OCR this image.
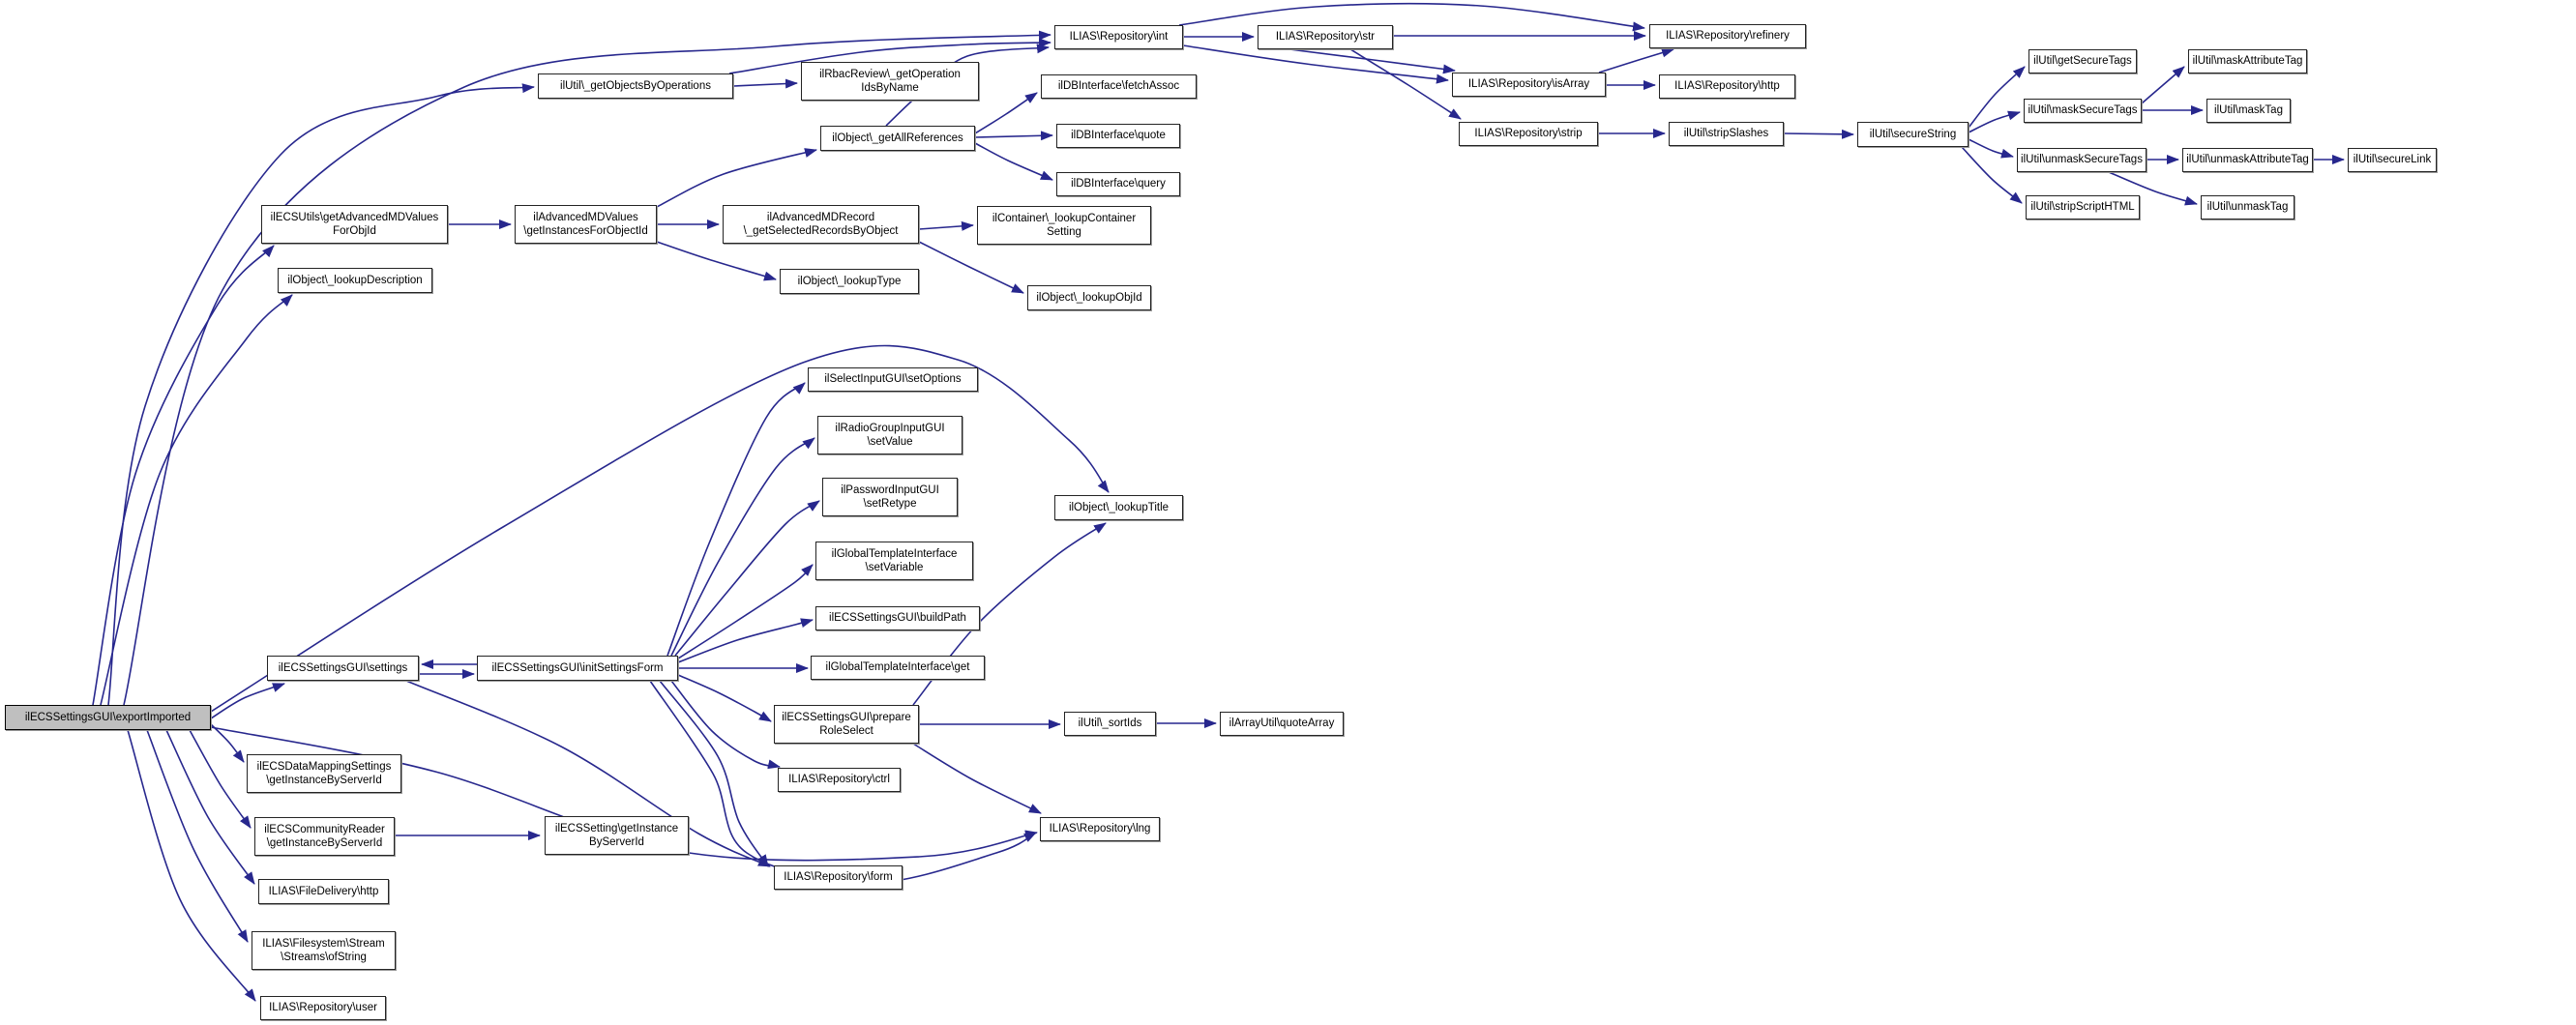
ilECSSettingsGUI\exportImported
ilECSSettingsGUI\settings	ilECSSettingsGUI\initSettingsForm
ilUtil\_getObjectsByOperations
ilECSUtils\getAdvancedMDValues
ForObjId
ilObject\_lookupDescription
ilAdvancedMDValues
\getInstancesForObjectId
ilRbacReview\_getOperation
IdsByName
ilObject\_getAllReferences
ilAdvancedMDRecord
\_getSelectedRecordsByObject
ilObject\_lookupType
ilContainer\_lookupContainer
Setting
ilObject\_lookupObjId
ILIAS\Repository\int	ILIAS\Repository\str
ilDBInterface\fetchAssoc
ilDBInterface\quote
ilDBInterface\query
ILIAS\Repository\refinery
ILIAS\Repository\isArray	ILIAS\Repository\http
ILIAS\Repository\strip	ilUtil\stripSlashes	ilUtil\secureString
ilUtil\getSecureTags	ilUtil\maskAttributeTag
ilUtil\maskSecureTags	ilUtil\maskTag
ilUtil\unmaskSecureTags	ilUtil\unmaskAttributeTag	ilUtil\secureLink
ilUtil\stripScriptHTML	ilUtil\unmaskTag
ilSelectInputGUI\setOptions
ilRadioGroupInputGUI
\setValue
ilPasswordInputGUI
\setRetype
ilGlobalTemplateInterface
\setVariable
ilObject\_lookupTitle
ilECSSettingsGUI\buildPath
ilGlobalTemplateInterface\get
ilECSSettingsGUI\prepare
RoleSelect
ILIAS\Repository\ctrl
ILIAS\Repository\form
ilUtil\_sortIds	ilArrayUtil\quoteArray
ILIAS\Repository\lng
ilECSSetting\getInstance
ByServerId
ilECSDataMappingSettings
\getInstanceByServerId
ilECSCommunityReader
\getInstanceByServerId
ILIAS\FileDelivery\http
ILIAS\Filesystem\Stream
\Streams\ofString
ILIAS\Repository\user
